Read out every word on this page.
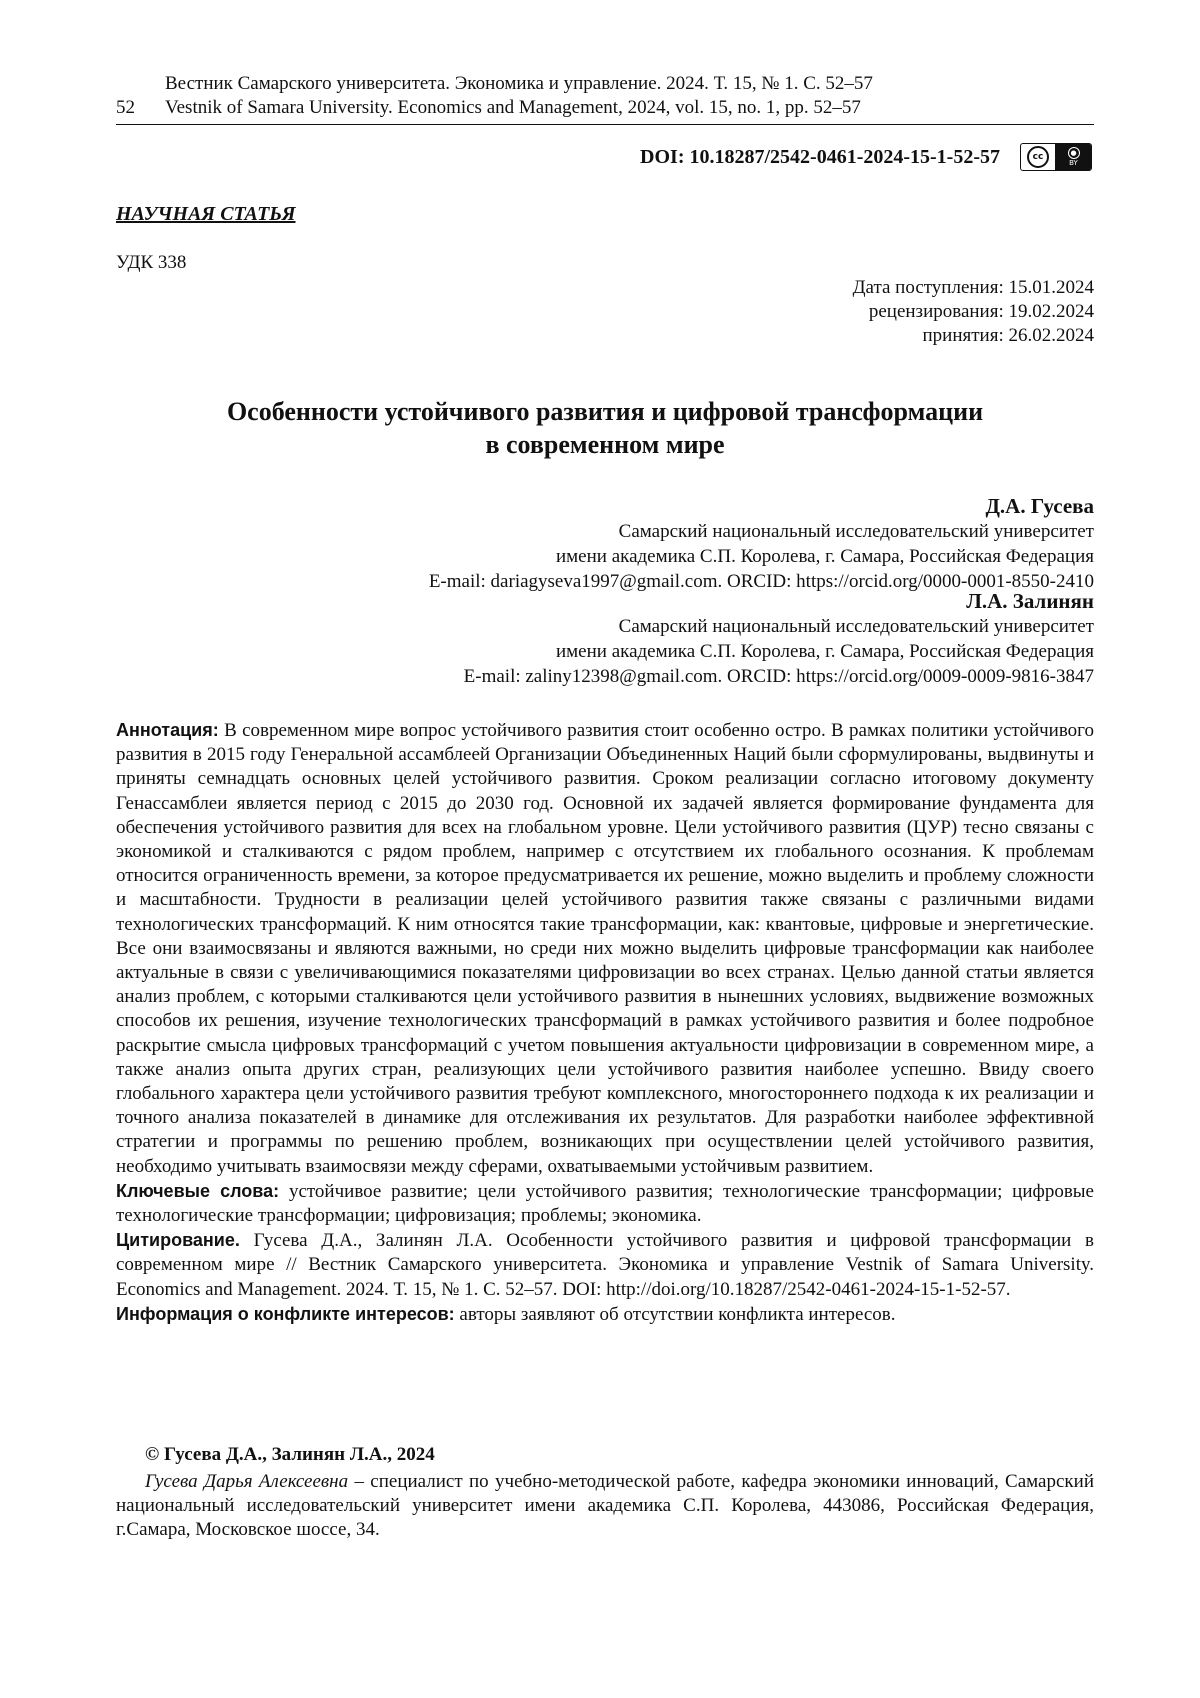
Вестник Самарского университета. Экономика и управление. 2024. Т. 15, № 1. С. 52–57
52	Vestnik of Samara University. Economics and Management, 2024, vol. 15, no. 1, pp. 52–57
DOI: 10.18287/2542-0461-2024-15-1-52-57	cc	●
BY
НАУЧНАЯ СТАТЬЯ
УДК 338
Дата поступления: 15.01.2024
рецензирования: 19.02.2024
принятия: 26.02.2024
Особенности устойчивого развития и цифровой трансформации
в современном мире
Д.А. Гусева
Самарский национальный исследовательский университет
имени академика С.П. Королева, г. Самара, Российская Федерация
E-mail: dariagyseva1997@gmail.com. ORCID: https://orcid.org/0000-0001-8550-2410
Л.А. Залинян
Самарский национальный исследовательский университет
имени академика С.П. Королева, г. Самара, Российская Федерация
E-mail: zaliny12398@gmail.com. ORCID: https://orcid.org/0009-0009-9816-3847

Аннотация: В современном мире вопрос устойчивого развития стоит особенно остро. В рамках политики устойчивого развития в 2015 году Генеральной ассамблеей Организации Объединенных Наций были сформулированы, выдвинуты и приняты семнадцать основных целей устойчивого развития. Сроком реализации согласно итоговому документу Генассамблеи является период с 2015 до 2030 год. Основной их задачей является формирование фундамента для обеспечения устойчивого развития для всех на глобальном уровне. Цели устойчивого развития (ЦУР) тесно связаны с экономикой и сталкиваются с рядом проблем, например с отсутствием их глобального осознания. К проблемам относится ограниченность времени, за которое предусматривается их решение, можно выделить и проблему сложности и масштабности. Трудности в реализации целей устойчивого развития также связаны с различными видами технологических трансформаций. К ним относятся такие трансформации, как: квантовые, цифровые и энергетические. Все они взаимосвязаны и являются важными, но среди них можно выделить цифровые трансформации как наиболее актуальные в связи с увеличивающимися показателями цифровизации во всех странах. Целью данной статьи является анализ проблем, с которыми сталкиваются цели устойчивого развития в нынешних условиях, выдвижение возможных способов их решения, изучение технологических трансформаций в рамках устойчивого развития и более подробное раскрытие смысла цифровых трансформаций с учетом повышения актуальности цифровизации в современном мире, а также анализ опыта других стран, реализующих цели устойчивого развития наиболее успешно. Ввиду своего глобального характера цели устойчивого развития требуют комплексного, многостороннего подхода к их реализации и точного анализа показателей в динамике для отслеживания их результатов. Для разработки наиболее эффективной стратегии и программы по решению проблем, возникающих при осуществлении целей устойчивого развития, необходимо учитывать взаимосвязи между сферами, охватываемыми устойчивым развитием.

Ключевые слова: устойчивое развитие; цели устойчивого развития; технологические трансформации; цифровые технологические трансформации; цифровизация; проблемы; экономика.

Цитирование. Гусева Д.А., Залинян Л.А. Особенности устойчивого развития и цифровой трансформации в современном мире // Вестник Самарского университета. Экономика и управление Vestnik of Samara University. Economics and Management. 2024. Т. 15, № 1. С. 52–57. DOI: http://doi.org/10.18287/2542-0461-2024-15-1-52-57.

Информация о конфликте интересов: авторы заявляют об отсутствии конфликта интересов.

© Гусева Д.А., Залинян Л.А., 2024
Гусева Дарья Алексеевна – специалист по учебно-методической работе, кафедра экономики инноваций, Самарский национальный исследовательский университет имени академика С.П. Королева, 443086, Российская Федерация, г.Самара, Московское шоссе, 34.
